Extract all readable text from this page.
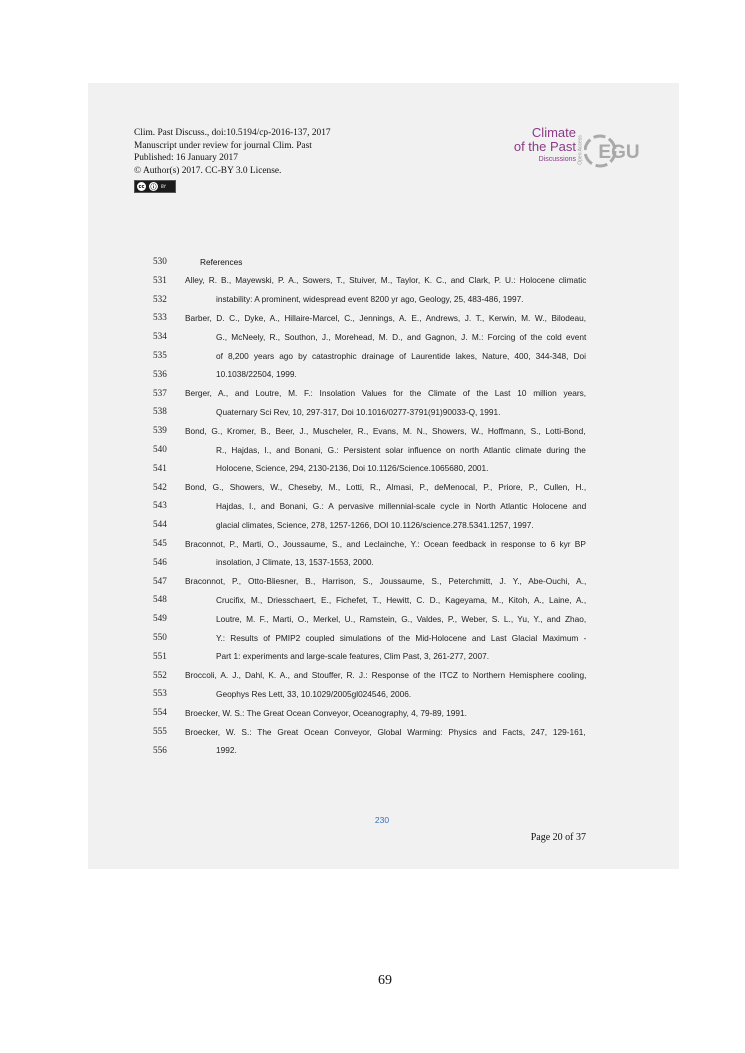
Clim. Past Discuss., doi:10.5194/cp-2016-137, 2017
Manuscript under review for journal Clim. Past
Published: 16 January 2017
© Author(s) 2017. CC-BY 3.0 License.
cc ⓘ	BY
Climate
of the Past
Discussions Open Access EGU
530	References
531 Alley, R. B., Mayewski, P. A., Sowers, T., Stuiver, M., Taylor, K. C., and Clark, P. U.: Holocene climatic
532	instability: A prominent, widespread event 8200 yr ago, Geology, 25, 483-486, 1997.
533 Barber, D. C., Dyke, A., Hillaire-Marcel, C., Jennings, A. E., Andrews, J. T., Kerwin, M. W., Bilodeau,
534	G., McNeely, R., Southon, J., Morehead, M. D., and Gagnon, J. M.: Forcing of the cold event
535	of 8,200 years ago by catastrophic drainage of Laurentide lakes, Nature, 400, 344-348, Doi
536	10.1038/22504, 1999.
537 Berger, A., and Loutre, M. F.: Insolation Values for the Climate of the Last 10 million years,
538	Quaternary Sci Rev, 10, 297-317, Doi 10.1016/0277-3791(91)90033-Q, 1991.
539 Bond, G., Kromer, B., Beer, J., Muscheler, R., Evans, M. N., Showers, W., Hoffmann, S., Lotti-Bond,
540	R., Hajdas, I., and Bonani, G.: Persistent solar influence on north Atlantic climate during the
541	Holocene, Science, 294, 2130-2136, Doi 10.1126/Science.1065680, 2001.
542 Bond, G., Showers, W., Cheseby, M., Lotti, R., Almasi, P., deMenocal, P., Priore, P., Cullen, H.,
543	Hajdas, I., and Bonani, G.: A pervasive millennial-scale cycle in North Atlantic Holocene and
544	glacial climates, Science, 278, 1257-1266, DOI 10.1126/science.278.5341.1257, 1997.
545 Braconnot, P., Marti, O., Joussaume, S., and Leclainche, Y.: Ocean feedback in response to 6 kyr BP
546	insolation, J Climate, 13, 1537-1553, 2000.
547 Braconnot, P., Otto-Bliesner, B., Harrison, S., Joussaume, S., Peterchmitt, J. Y., Abe-Ouchi, A.,
548	Crucifix, M., Driesschaert, E., Fichefet, T., Hewitt, C. D., Kageyama, M., Kitoh, A., Laine, A.,
549	Loutre, M. F., Marti, O., Merkel, U., Ramstein, G., Valdes, P., Weber, S. L., Yu, Y., and Zhao,
550	Y.: Results of PMIP2 coupled simulations of the Mid-Holocene and Last Glacial Maximum -
551	Part 1: experiments and large-scale features, Clim Past, 3, 261-277, 2007.
552 Broccoli, A. J., Dahl, K. A., and Stouffer, R. J.: Response of the ITCZ to Northern Hemisphere cooling,
553	Geophys Res Lett, 33, 10.1029/2005gl024546, 2006.
554 Broecker, W. S.: The Great Ocean Conveyor, Oceanography, 4, 79-89, 1991.
555 Broecker, W. S.: The Great Ocean Conveyor, Global Warming: Physics and Facts, 247, 129-161,
556	1992.
230
Page 20 of 37
69
